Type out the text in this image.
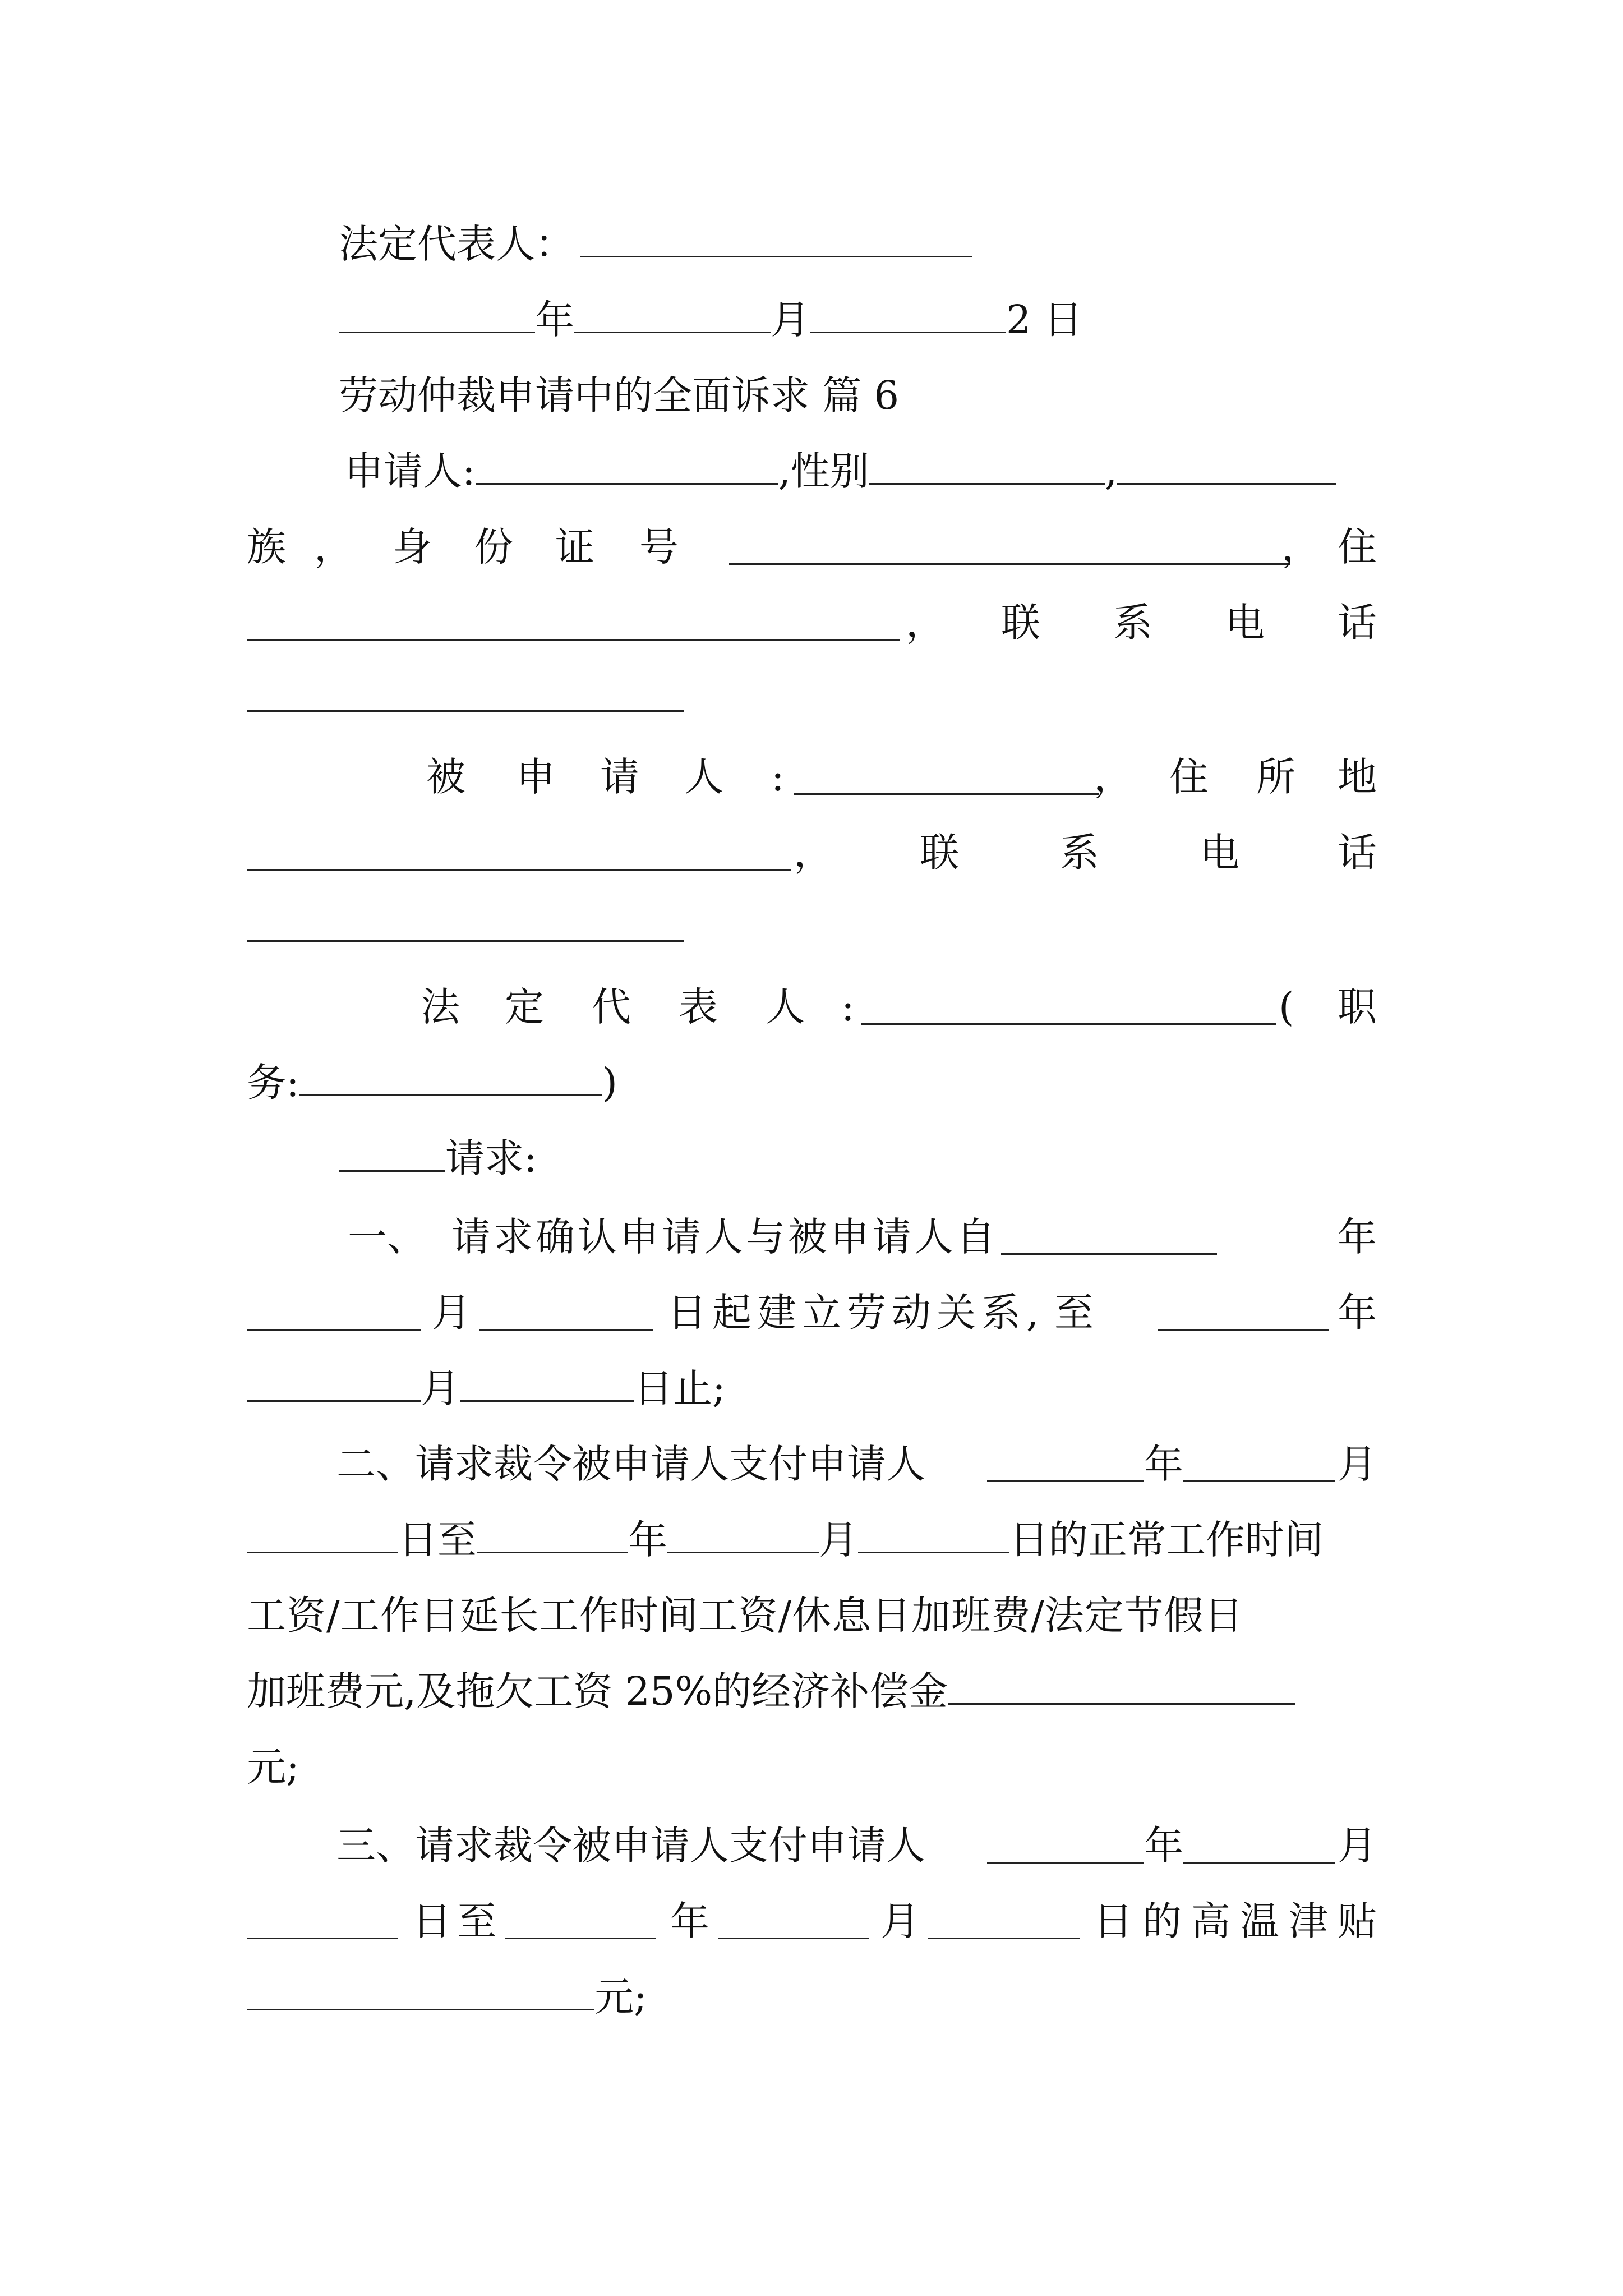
法定代表人：
年	月	2 日
劳动仲裁申请中的全面诉求 篇 6
申请人:	,性别	,
族 ， 身 份 证 号	， 住
， 联 系 电 话
被 申 请 人 :	， 住 所 地
， 联	系	电	话
法 定 代 表 人 :	( 职
务:	)
请求:
一、 请 求 确 认 申 请 人 与 被 申 请 人 自	年
月	日 起 建 立 劳 动 关 系 , 至	年
月	日止;
二、请求裁令被申请人支付申请人	年	月
日至	年	月	日的正常工作时间
工资/工作日延长工作时间工资/休息日加班费/法定节假日
加班费元,及拖欠工资 25%的经济补偿金
元;
三、请求裁令被申请人支付申请人	年	月
日 至	年	月	日 的 高 温 津 贴
元;
